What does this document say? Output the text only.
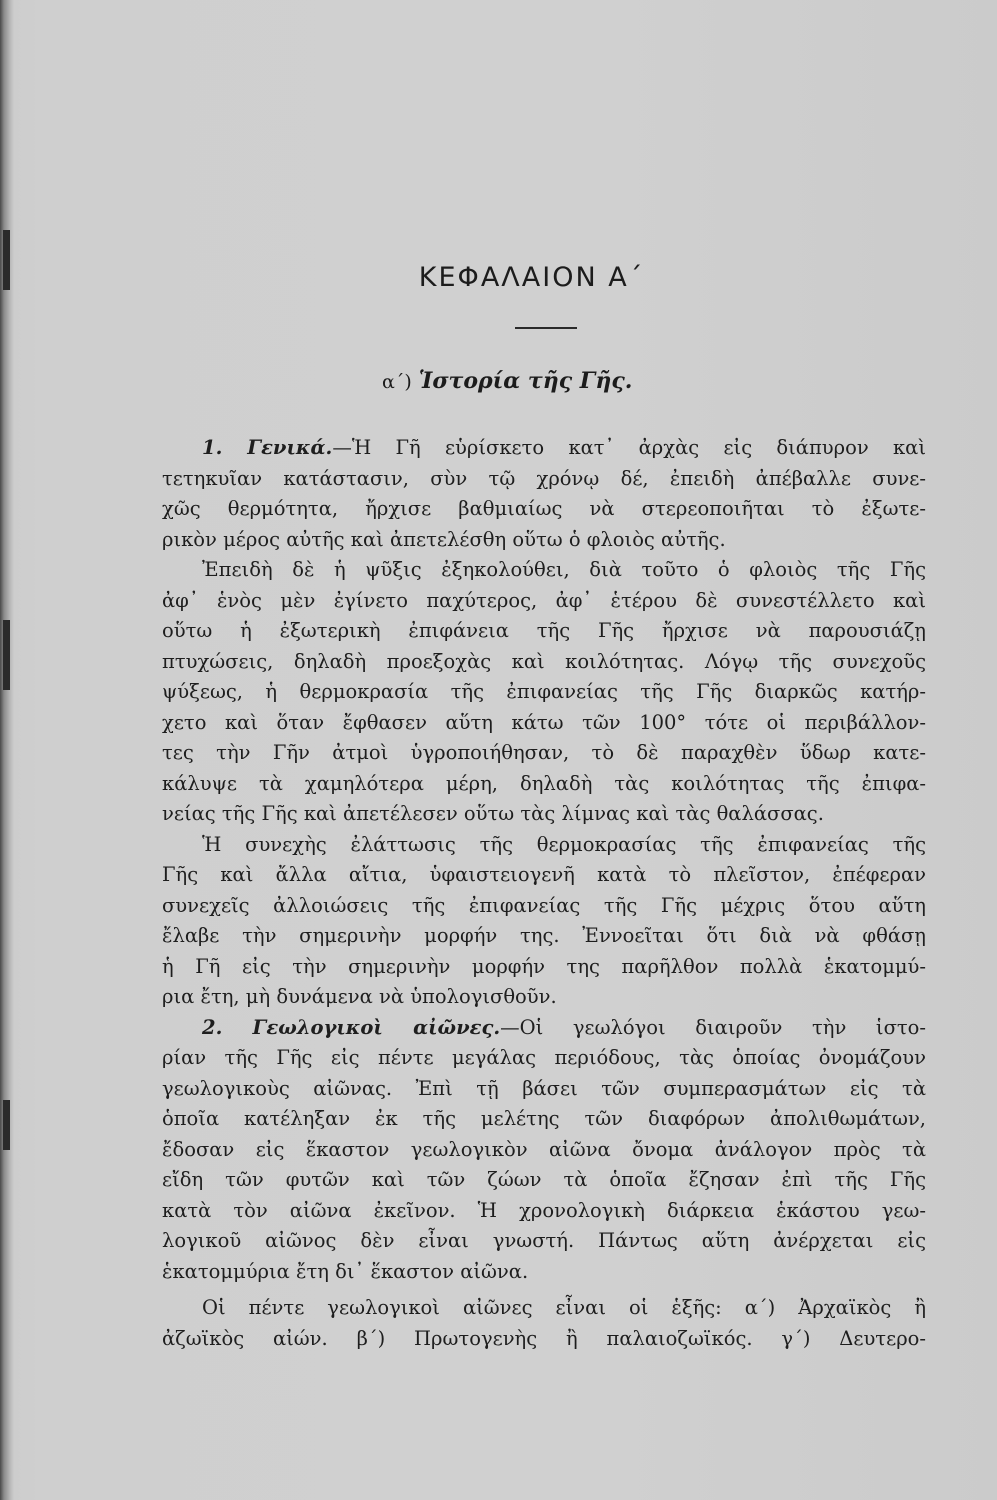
ΚΕΦΑΛΑΙΟΝ Α΄
α΄) Ἱστορία τῆς Γῆς.
1. Γενικά.—Ἡ Γῆ εὑρίσκετο κατ᾽ ἀρχὰς εἰς διάπυρον καὶ
τετηκυῖαν κατάστασιν, σὺν τῷ χρόνῳ δέ, ἐπειδὴ ἀπέβαλλε συνε-
χῶς θερμότητα, ἤρχισε βαθμιαίως νὰ στερεοποιῆται τὸ ἐξωτε-
ρικὸν μέρος αὐτῆς καὶ ἀπετελέσθη οὕτω ὁ φλοιὸς αὐτῆς.
Ἐπειδὴ δὲ ἡ ψῦξις ἐξηκολούθει, διὰ τοῦτο ὁ φλοιὸς τῆς Γῆς
ἀφ᾽ ἑνὸς μὲν ἐγίνετο παχύτερος, ἀφ᾽ ἑτέρου δὲ συνεστέλλετο καὶ
οὕτω ἡ ἐξωτερικὴ ἐπιφάνεια τῆς Γῆς ἤρχισε νὰ παρουσιάζῃ
πτυχώσεις, δηλαδὴ προεξοχὰς καὶ κοιλότητας. Λόγῳ τῆς συνεχοῦς
ψύξεως, ἡ θερμοκρασία τῆς ἐπιφανείας τῆς Γῆς διαρκῶς κατήρ-
χετο καὶ ὅταν ἔφθασεν αὕτη κάτω τῶν 100° τότε οἱ περιβάλλον-
τες τὴν Γῆν ἀτμοὶ ὑγροποιήθησαν, τὸ δὲ παραχθὲν ὕδωρ κατε-
κάλυψε τὰ χαμηλότερα μέρη, δηλαδὴ τὰς κοιλότητας τῆς ἐπιφα-
νείας τῆς Γῆς καὶ ἀπετέλεσεν οὕτω τὰς λίμνας καὶ τὰς θαλάσσας.
Ἡ συνεχὴς ἐλάττωσις τῆς θερμοκρασίας τῆς ἐπιφανείας τῆς
Γῆς καὶ ἄλλα αἴτια, ὑφαιστειογενῆ κατὰ τὸ πλεῖστον, ἐπέφεραν
συνεχεῖς ἀλλοιώσεις τῆς ἐπιφανείας τῆς Γῆς μέχρις ὅτου αὕτη
ἔλαβε τὴν σημερινὴν μορφήν της. Ἐννοεῖται ὅτι διὰ νὰ φθάσῃ
ἡ Γῆ εἰς τὴν σημερινὴν μορφήν της παρῆλθον πολλὰ ἑκατομμύ-
ρια ἔτη, μὴ δυνάμενα νὰ ὑπολογισθοῦν.
2. Γεωλογικοὶ αἰῶνες.—Οἱ γεωλόγοι διαιροῦν τὴν ἱστο-
ρίαν τῆς Γῆς εἰς πέντε μεγάλας περιόδους, τὰς ὁποίας ὀνομάζουν
γεωλογικοὺς αἰῶνας. Ἐπὶ τῇ βάσει τῶν συμπερασμάτων εἰς τὰ
ὁποῖα κατέληξαν ἐκ τῆς μελέτης τῶν διαφόρων ἀπολιθωμάτων,
ἔδοσαν εἰς ἕκαστον γεωλογικὸν αἰῶνα ὄνομα ἀνάλογον πρὸς τὰ
εἴδη τῶν φυτῶν καὶ τῶν ζώων τὰ ὁποῖα ἔζησαν ἐπὶ τῆς Γῆς
κατὰ τὸν αἰῶνα ἐκεῖνον. Ἡ χρονολογικὴ διάρκεια ἑκάστου γεω-
λογικοῦ αἰῶνος δὲν εἶναι γνωστή. Πάντως αὕτη ἀνέρχεται εἰς
ἑκατομμύρια ἔτη δι᾽ ἕκαστον αἰῶνα.
Οἱ πέντε γεωλογικοὶ αἰῶνες εἶναι οἱ ἑξῆς: α΄) Ἀρχαϊκὸς ἢ
ἀζωϊκὸς αἰών. β΄) Πρωτογενὴς ἢ παλαιοζωϊκός. γ΄) Δευτερο-
